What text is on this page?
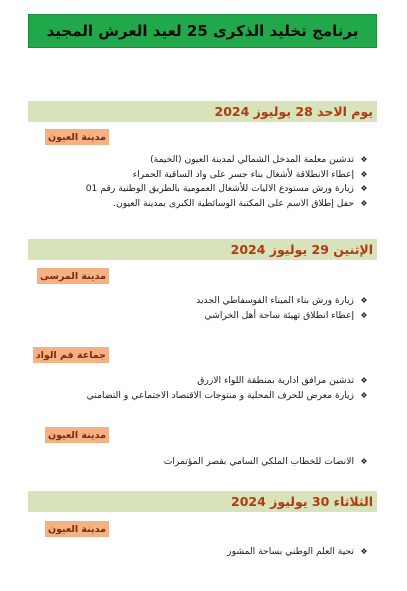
برنامج تخليد الذكرى 25 لعيد العرش المجيد
يوم الاحد 28 يوليوز 2024
مدينة العيون
❖
تدشين معلمة المدخل الشمالي لمدينة العيون (الخيمة)
❖
إعطاء الانطلاقة لأشغال بناء جسر على واد الساقية الحمراء
❖
زيارة ورش مستودع الاليات للأشغال العمومية بالطريق الوطنية رقم 01
❖
حفل إطلاق الاسم على المكتبة الوسائطية الكبرى بمدينة العيون.
الإثنين 29 يوليوز 2024
مدينة المرسى
❖
زيارة ورش بناء الميناء الفوسفاطي الجديد
❖
إعطاء انطلاق تهيئة ساحة أهل الخراشي
جماعة فم الواد
❖
تدشين مرافق ادارية بمنطقة اللواء الازرق
❖
زيارة معرض للحرف المحلية و منتوجات الاقتصاد الاجتماعي و التضامني
مدينة العيون
❖
الانصات للخطاب الملكي السامي بقصر المؤتمرات
الثلاثاء 30 يوليوز 2024
مدينة العيون
❖
تحية العلم الوطني بساحة المشور
